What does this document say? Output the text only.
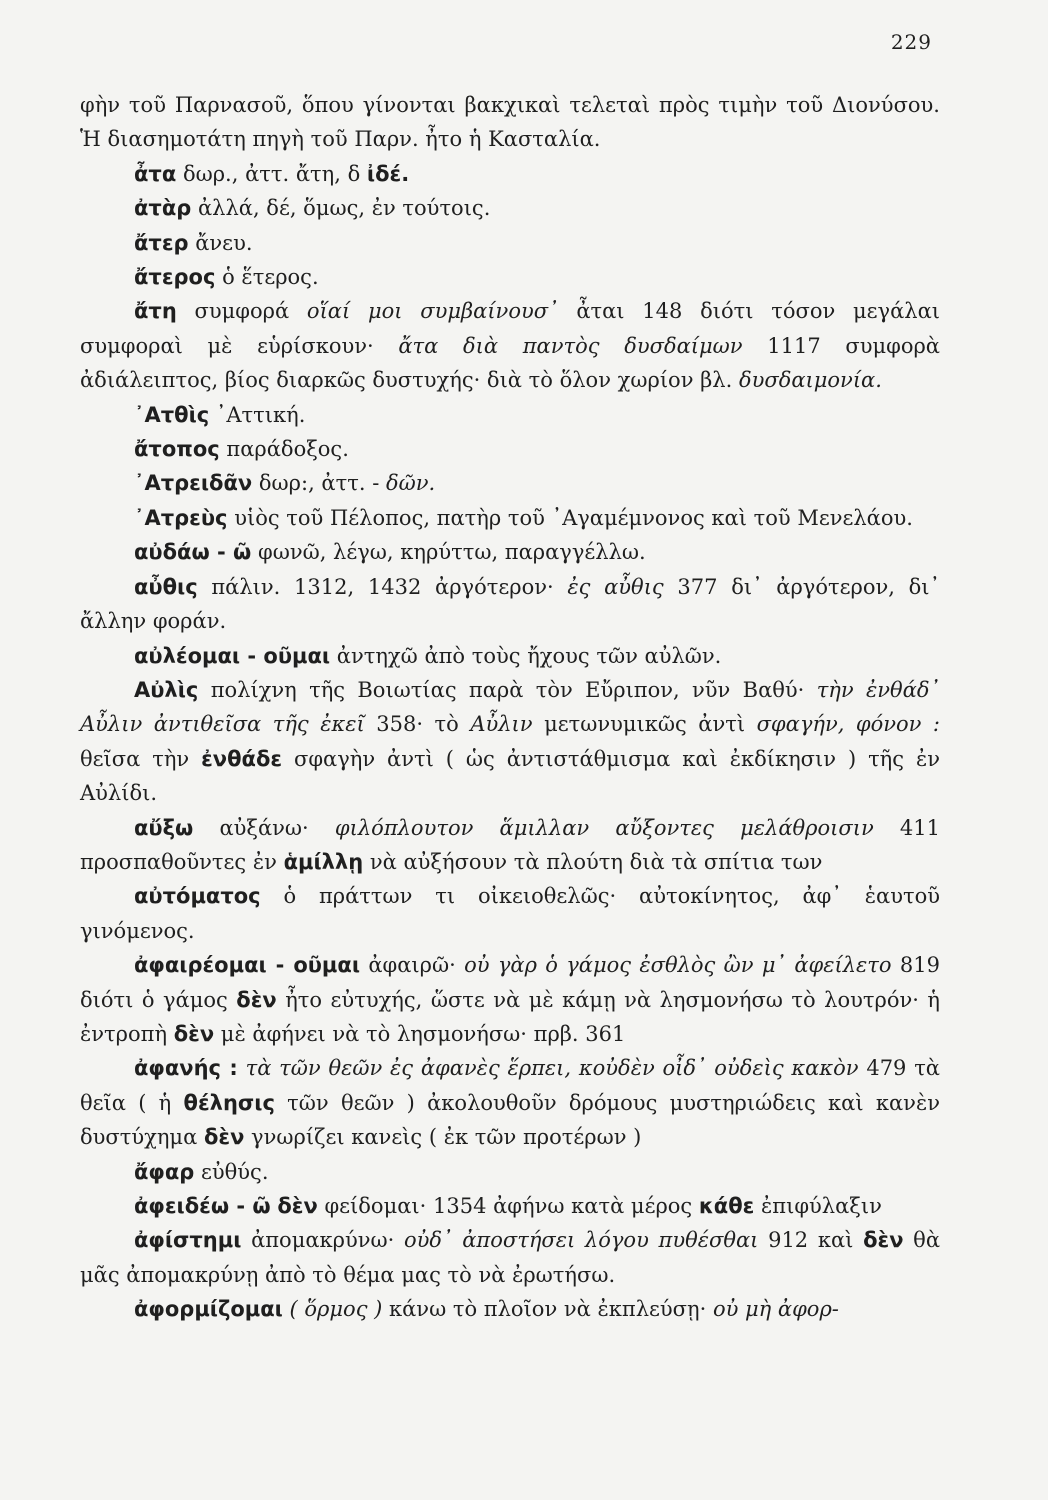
229

φὴν τοῦ Παρνασοῦ, ὅπου γίνονται βακχικαὶ τελεταὶ πρὸς τιμὴν τοῦ Διονύσου. Ἡ διασημοτάτη πηγὴ τοῦ Παρν. ἦτο ἡ Κασταλία.

ἆτα δωρ., ἀττ. ἄτη, δ ἰδέ.

ἀτὰρ ἀλλά, δέ, ὅμως, ἐν τούτοις.

ἄτερ ἄνευ.

ἄτερος ὁ ἕτερος.

ἄτη συμφορά οἵαί μοι συμβαίνουσ᾽ ἆται 148 διότι τόσον μεγάλαι συμφοραὶ μὲ εὑρίσκουν· ἄτα διὰ παντὸς δυσδαίμων 1117 συμφορὰ ἀδιάλειπτος, βίος διαρκῶς δυστυχής· διὰ τὸ ὅλον χωρίον βλ. δυσδαιμονία.

᾽Ατθὶς ᾽Αττική.

ἄτοπος παράδοξος.

᾽Ατρειδᾶν δωρ:, ἀττ. - δῶν.

᾽Ατρεὺς υἱὸς τοῦ Πέλοπος, πατὴρ τοῦ ᾽Αγαμέμνονος καὶ τοῦ Μενελάου.

αὐδάω - ῶ φωνῶ, λέγω, κηρύττω, παραγγέλλω.

αὖθις πάλιν. 1312, 1432 ἀργότερον· ἐς αὖθις 377 δι᾽ ἀργότερον, δι᾽ ἄλλην φοράν.

αὐλέομαι - οῦμαι ἀντηχῶ ἀπὸ τοὺς ἤχους τῶν αὐλῶν.

Αὐλὶς πολίχνη τῆς Βοιωτίας παρὰ τὸν Εὔριπον, νῦν Βαθύ· τὴν ἐνθάδ᾽ Αὖλιν ἀντιθεῖσα τῆς ἐκεῖ 358· τὸ Αὖλιν μετωνυμικῶς ἀντὶ σφαγήν, φόνον : θεῖσα τὴν ἐνθάδε σφαγὴν ἀντὶ ( ὡς ἀντιστάθμισμα καὶ ἐκδίκησιν ) τῆς ἐν Αὐλίδι.

αὔξω αὐξάνω· φιλόπλουτον ἅμιλλαν αὔξοντες μελάθροισιν 411 προσπαθοῦντες ἐν ἁμίλλῃ νὰ αὐξήσουν τὰ πλούτη διὰ τὰ σπίτια των

αὐτόματος ὁ πράττων τι οἰκειοθελῶς· αὐτοκίνητος, ἀφ᾽ ἑαυτοῦ γινόμενος.

ἀφαιρέομαι - οῦμαι ἀφαιρῶ· οὐ γὰρ ὁ γάμος ἐσθλὸς ὢν μ᾽ ἀφείλετο 819 διότι ὁ γάμος δὲν ἦτο εὐτυχής, ὥστε νὰ μὲ κάμῃ νὰ λησμονήσω τὸ λουτρόν· ἡ ἐντροπὴ δὲν μὲ ἀφήνει νὰ τὸ λησμονήσω· πρβ. 361

ἀφανής : τὰ τῶν θεῶν ἐς ἀφανὲς ἕρπει, κοὐδὲν οἶδ᾽ οὐδεὶς κακὸν 479 τὰ θεῖα ( ἡ θέλησις τῶν θεῶν ) ἀκολουθοῦν δρόμους μυστηριώδεις καὶ κανὲν δυστύχημα δὲν γνωρίζει κανεὶς ( ἐκ τῶν προτέρων )

ἄφαρ εὐθύς.

ἀφειδέω - ῶ δὲν φείδομαι· 1354 ἀφήνω κατὰ μέρος κάθε ἐπιφύλαξιν

ἀφίστημι ἀπομακρύνω· οὐδ᾽ ἀποστήσει λόγου πυθέσθαι 912 καὶ δὲν θὰ μᾶς ἀπομακρύνῃ ἀπὸ τὸ θέμα μας τὸ νὰ ἐρωτήσω.

ἀφορμίζομαι ( ὅρμος ) κάνω τὸ πλοῖον νὰ ἐκπλεύσῃ· οὐ μὴ ἀφορ-
